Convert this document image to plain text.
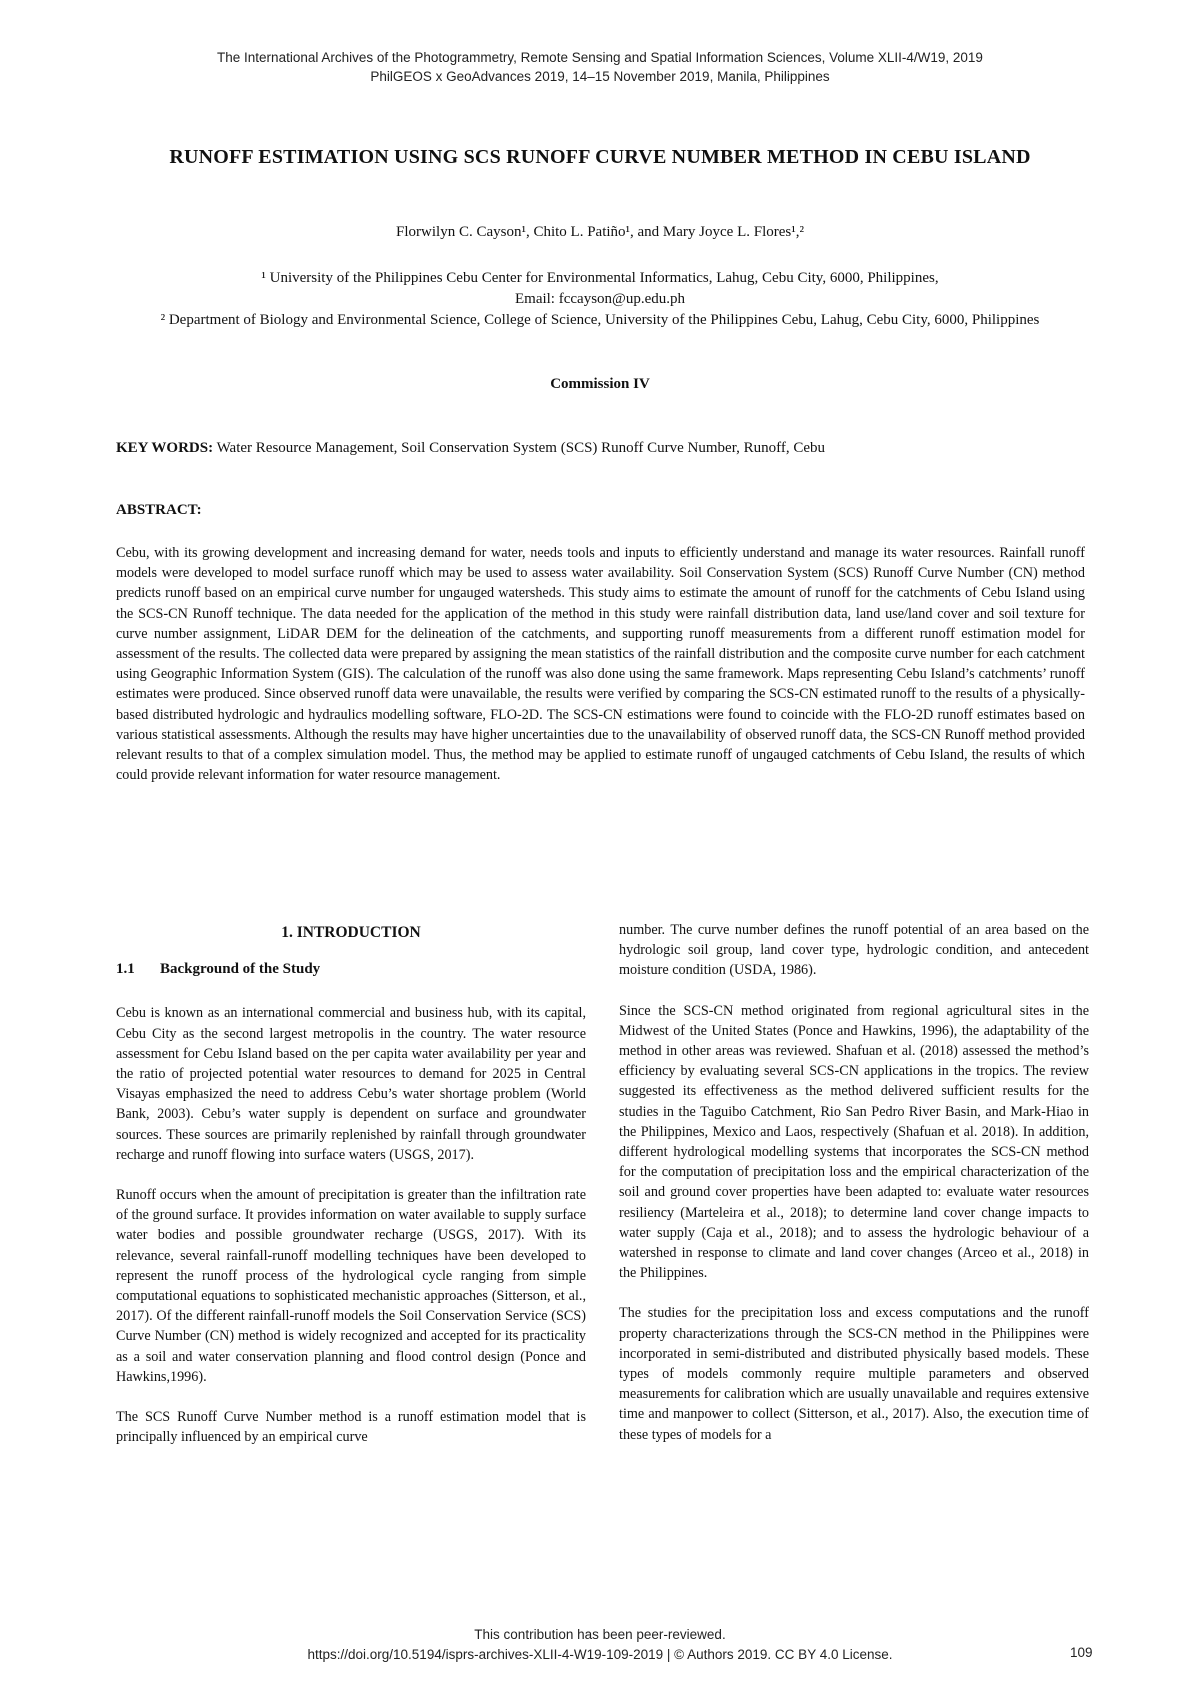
The International Archives of the Photogrammetry, Remote Sensing and Spatial Information Sciences, Volume XLII-4/W19, 2019
PhilGEOS x GeoAdvances 2019, 14–15 November 2019, Manila, Philippines
RUNOFF ESTIMATION USING SCS RUNOFF CURVE NUMBER METHOD IN CEBU ISLAND
Florwilyn C. Cayson¹, Chito L. Patiño¹, and Mary Joyce L. Flores¹,²

¹ University of the Philippines Cebu Center for Environmental Informatics, Lahug, Cebu City, 6000, Philippines,

Email: fccayson@up.edu.ph

² Department of Biology and Environmental Science, College of Science, University of the Philippines Cebu, Lahug, Cebu City, 6000, Philippines

Commission IV
KEY WORDS: Water Resource Management, Soil Conservation System (SCS) Runoff Curve Number, Runoff, Cebu
ABSTRACT:

Cebu, with its growing development and increasing demand for water, needs tools and inputs to efficiently understand and manage its water resources. Rainfall runoff models were developed to model surface runoff which may be used to assess water availability. Soil Conservation System (SCS) Runoff Curve Number (CN) method predicts runoff based on an empirical curve number for ungauged watersheds. This study aims to estimate the amount of runoff for the catchments of Cebu Island using the SCS-CN Runoff technique. The data needed for the application of the method in this study were rainfall distribution data, land use/land cover and soil texture for curve number assignment, LiDAR DEM for the delineation of the catchments, and supporting runoff measurements from a different runoff estimation model for assessment of the results. The collected data were prepared by assigning the mean statistics of the rainfall distribution and the composite curve number for each catchment using Geographic Information System (GIS). The calculation of the runoff was also done using the same framework. Maps representing Cebu Island’s catchments’ runoff estimates were produced. Since observed runoff data were unavailable, the results were verified by comparing the SCS-CN estimated runoff to the results of a physically-based distributed hydrologic and hydraulics modelling software, FLO-2D. The SCS-CN estimations were found to coincide with the FLO-2D runoff estimates based on various statistical assessments. Although the results may have higher uncertainties due to the unavailability of observed runoff data, the SCS-CN Runoff method provided relevant results to that of a complex simulation model. Thus, the method may be applied to estimate runoff of ungauged catchments of Cebu Island, the results of which could provide relevant information for water resource management.

1. INTRODUCTION
1.1 Background of the Study

Cebu is known as an international commercial and business hub, with its capital, Cebu City as the second largest metropolis in the country. The water resource assessment for Cebu Island based on the per capita water availability per year and the ratio of projected potential water resources to demand for 2025 in Central Visayas emphasized the need to address Cebu’s water shortage problem (World Bank, 2003). Cebu’s water supply is dependent on surface and groundwater sources. These sources are primarily replenished by rainfall through groundwater recharge and runoff flowing into surface waters (USGS, 2017).

Runoff occurs when the amount of precipitation is greater than the infiltration rate of the ground surface. It provides information on water available to supply surface water bodies and possible groundwater recharge (USGS, 2017). With its relevance, several rainfall-runoff modelling techniques have been developed to represent the runoff process of the hydrological cycle ranging from simple computational equations to sophisticated mechanistic approaches (Sitterson, et al., 2017). Of the different rainfall-runoff models the Soil Conservation Service (SCS) Curve Number (CN) method is widely recognized and accepted for its practicality as a soil and water conservation planning and flood control design (Ponce and Hawkins,1996).

The SCS Runoff Curve Number method is a runoff estimation model that is principally influenced by an empirical curve

number. The curve number defines the runoff potential of an area based on the hydrologic soil group, land cover type, hydrologic condition, and antecedent moisture condition (USDA, 1986).

Since the SCS-CN method originated from regional agricultural sites in the Midwest of the United States (Ponce and Hawkins, 1996), the adaptability of the method in other areas was reviewed. Shafuan et al. (2018) assessed the method’s efficiency by evaluating several SCS-CN applications in the tropics. The review suggested its effectiveness as the method delivered sufficient results for the studies in the Taguibo Catchment, Rio San Pedro River Basin, and Mark-Hiao in the Philippines, Mexico and Laos, respectively (Shafuan et al. 2018). In addition, different hydrological modelling systems that incorporates the SCS-CN method for the computation of precipitation loss and the empirical characterization of the soil and ground cover properties have been adapted to: evaluate water resources resiliency (Marteleira et al., 2018); to determine land cover change impacts to water supply (Caja et al., 2018); and to assess the hydrologic behaviour of a watershed in response to climate and land cover changes (Arceo et al., 2018) in the Philippines.

The studies for the precipitation loss and excess computations and the runoff property characterizations through the SCS-CN method in the Philippines were incorporated in semi-distributed and distributed physically based models. These types of models commonly require multiple parameters and observed measurements for calibration which are usually unavailable and requires extensive time and manpower to collect (Sitterson, et al., 2017). Also, the execution time of these types of models for a

This contribution has been peer-reviewed.
https://doi.org/10.5194/isprs-archives-XLII-4-W19-109-2019 | © Authors 2019. CC BY 4.0 License.	109
